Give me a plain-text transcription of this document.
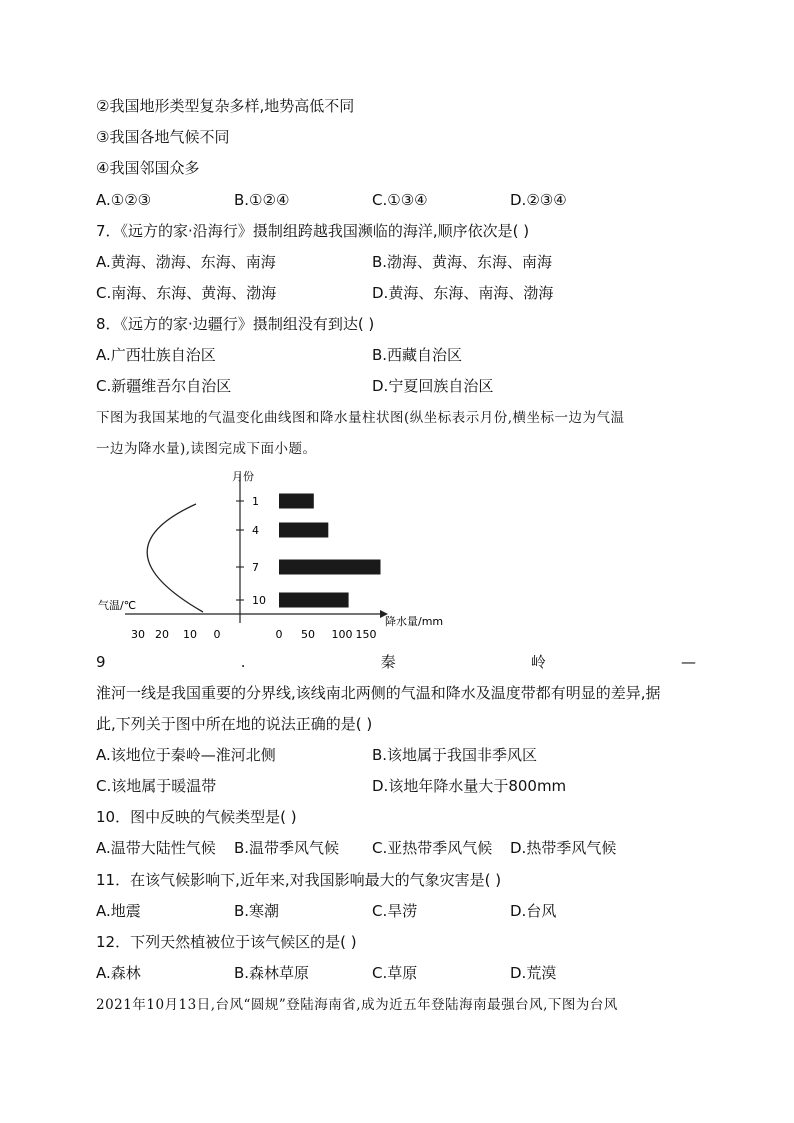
②我国地形类型复杂多样,地势高低不同
③我国各地气候不同
④我国邻国众多
A.①②③	B.①②④	C.①③④	D.②③④
7．《远方的家·沿海行》摄制组跨越我国濒临的海洋,顺序依次是( )
A.黄海、渤海、东海、南海	B.渤海、黄海、东海、南海
C.南海、东海、黄海、渤海	D.黄海、东海、南海、渤海
8．《远方的家·边疆行》摄制组没有到达( )
A.广西壮族自治区	B.西藏自治区
C.新疆维吾尔自治区	D.宁夏回族自治区
下图为我国某地的气温变化曲线图和降水量柱状图(纵坐标表示月份,横坐标一边为气温
一边为降水量),读图完成下面小题。
月份
降水量/mm
气温/℃
1
4
7
10
0 50 100 150
30 20 10 0
9	.	秦	岭	—
淮河一线是我国重要的分界线,该线南北两侧的气温和降水及温度带都有明显的差异,据
此,下列关于图中所在地的说法正确的是( )
A.该地位于秦岭—淮河北侧	B.该地属于我国非季风区
C.该地属于暖温带	D.该地年降水量大于800mm
10．图中反映的气候类型是( )
A.温带大陆性气候 B.温带季风气候 C.亚热带季风气候 D.热带季风气候
11．在该气候影响下,近年来,对我国影响最大的气象灾害是( )
A.地震	B.寒潮	C.旱涝	D.台风
12．下列天然植被位于该气候区的是( )
A.森林	B.森林草原	C.草原	D.荒漠
2021年10月13日,台风“圆规”登陆海南省,成为近五年登陆海南最强台风,下图为台风
